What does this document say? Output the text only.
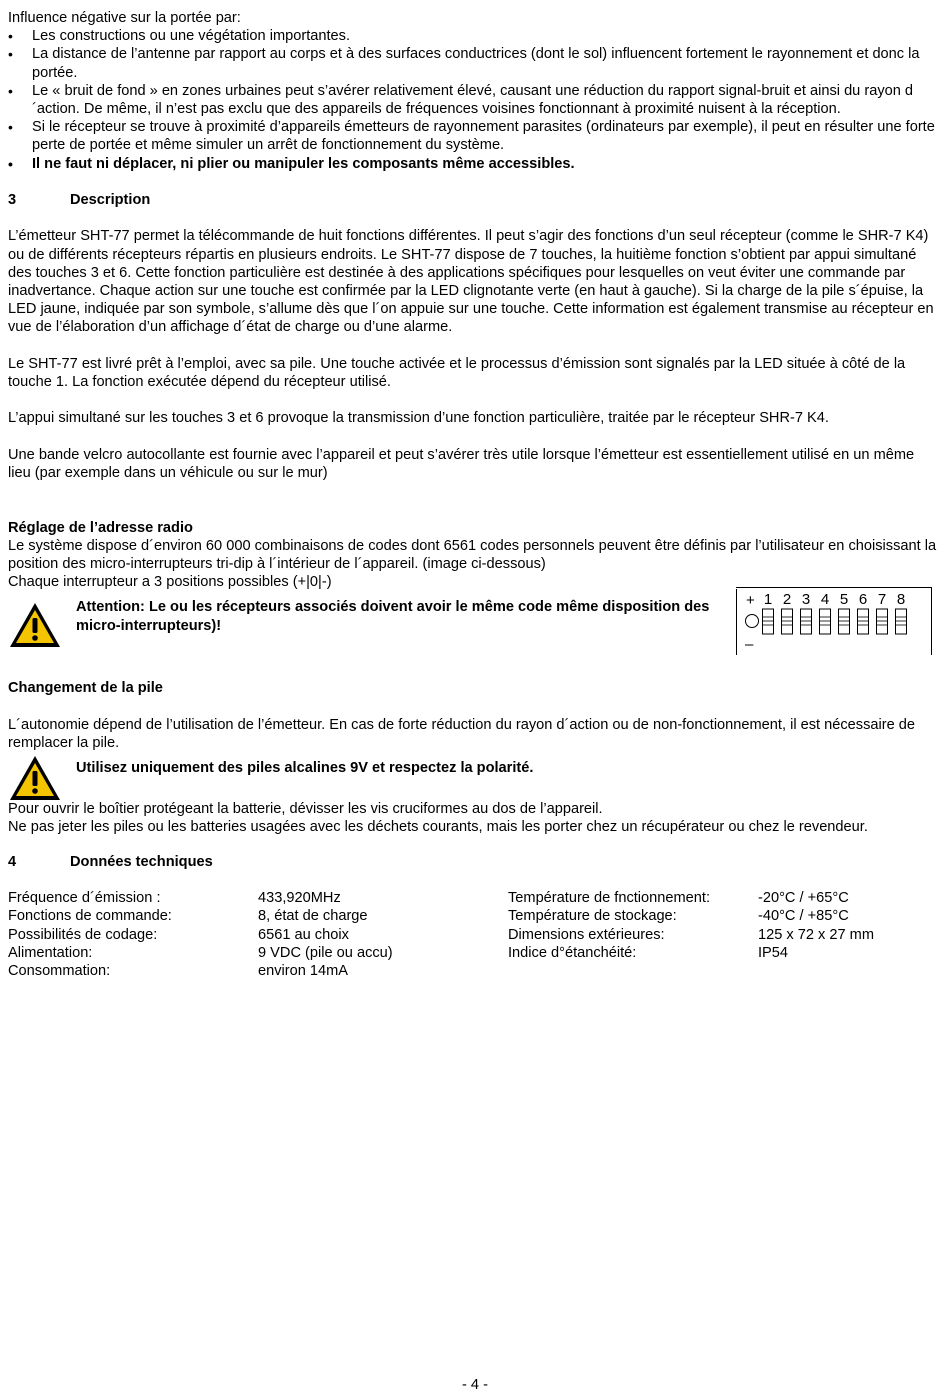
Influence négative sur la portée par:

• Les constructions ou une végétation importantes.
• La distance de l’antenne par rapport au corps et à des surfaces conductrices (dont le sol) influencent fortement le rayonnement et donc la portée.
• Le « bruit de fond » en zones urbaines peut s’avérer relativement élevé, causant une réduction du rapport signal-bruit et ainsi du rayon d´action. De même, il n’est pas exclu que des appareils de fréquences voisines fonctionnant à proximité nuisent à la réception.
• Si le récepteur se trouve à proximité d’appareils émetteurs de rayonnement parasites (ordinateurs par exemple), il peut en résulter une forte perte de portée et même simuler un arrêt de fonctionnement du système.
• Il ne faut ni déplacer, ni plier ou manipuler les composants même accessibles.
3	Description

L’émetteur SHT-77 permet la télécommande de huit fonctions différentes. Il peut s’agir des fonctions d’un seul récepteur (comme le SHR-7 K4) ou de différents récepteurs répartis en plusieurs endroits. Le SHT-77 dispose de 7 touches, la huitième fonction s’obtient par appui simultané des touches 3 et 6. Cette fonction particulière est destinée à des applications spécifiques pour lesquelles on veut éviter une commande par inadvertance. Chaque action sur une touche est confirmée par la LED clignotante verte (en haut à gauche). Si la charge de la pile s´épuise, la LED jaune, indiquée par son symbole, s’allume dès que l´on appuie sur une touche. Cette information est également transmise au récepteur en vue de l’élaboration d’un affichage d´état de charge ou d’une alarme.

Le SHT-77 est livré prêt à l’emploi, avec sa pile. Une touche activée et le processus d’émission sont signalés par la LED située à côté de la touche 1. La fonction exécutée dépend du récepteur utilisé.

L’appui simultané sur les touches 3 et 6 provoque la transmission d’une fonction particulière, traitée par le récepteur SHR-7 K4.

Une bande velcro autocollante est fournie avec l’appareil et peut s’avérer très utile lorsque l’émetteur est essentiellement utilisé en un même lieu (par exemple dans un véhicule ou sur le mur)

Réglage de l’adresse radio

Le système dispose d´environ 60 000 combinaisons de codes dont 6561 codes personnels peuvent être définis par l’utilisateur en choisissant la position des micro-interrupteurs tri-dip à l´intérieur de l´appareil. (image ci-dessous)

Chaque interrupteur a 3 positions possibles (+|0|-)

Attention: Le ou les récepteurs associés doivent avoir le même code même disposition des micro-interrupteurs)!

+
–
1 2 3 4 5 6 7 8

Changement de la pile

L´autonomie dépend de l’utilisation de l’émetteur. En cas de forte réduction du rayon d´action ou de non-fonctionnement, il est nécessaire de remplacer la pile.

Utilisez uniquement des piles alcalines 9V et respectez la polarité.

Pour ouvrir le boîtier protégeant la batterie, dévisser les vis cruciformes au dos de l’appareil.

Ne pas jeter les piles ou les batteries usagées avec les déchets courants, mais les porter chez un récupérateur ou chez le revendeur.

4	Données techniques
Fréquence d´émission :	433,920MHz	Température de fnctionnement:	-20°C / +65°C
Fonctions de commande:	8, état de charge	Température de stockage:	-40°C / +85°C
Possibilités de codage:	6561 au choix	Dimensions extérieures:	125 x 72 x 27 mm
Alimentation:	9 VDC (pile ou accu)	Indice d°étanchéité:	IP54
Consommation:	environ 14mA
- 4 -
